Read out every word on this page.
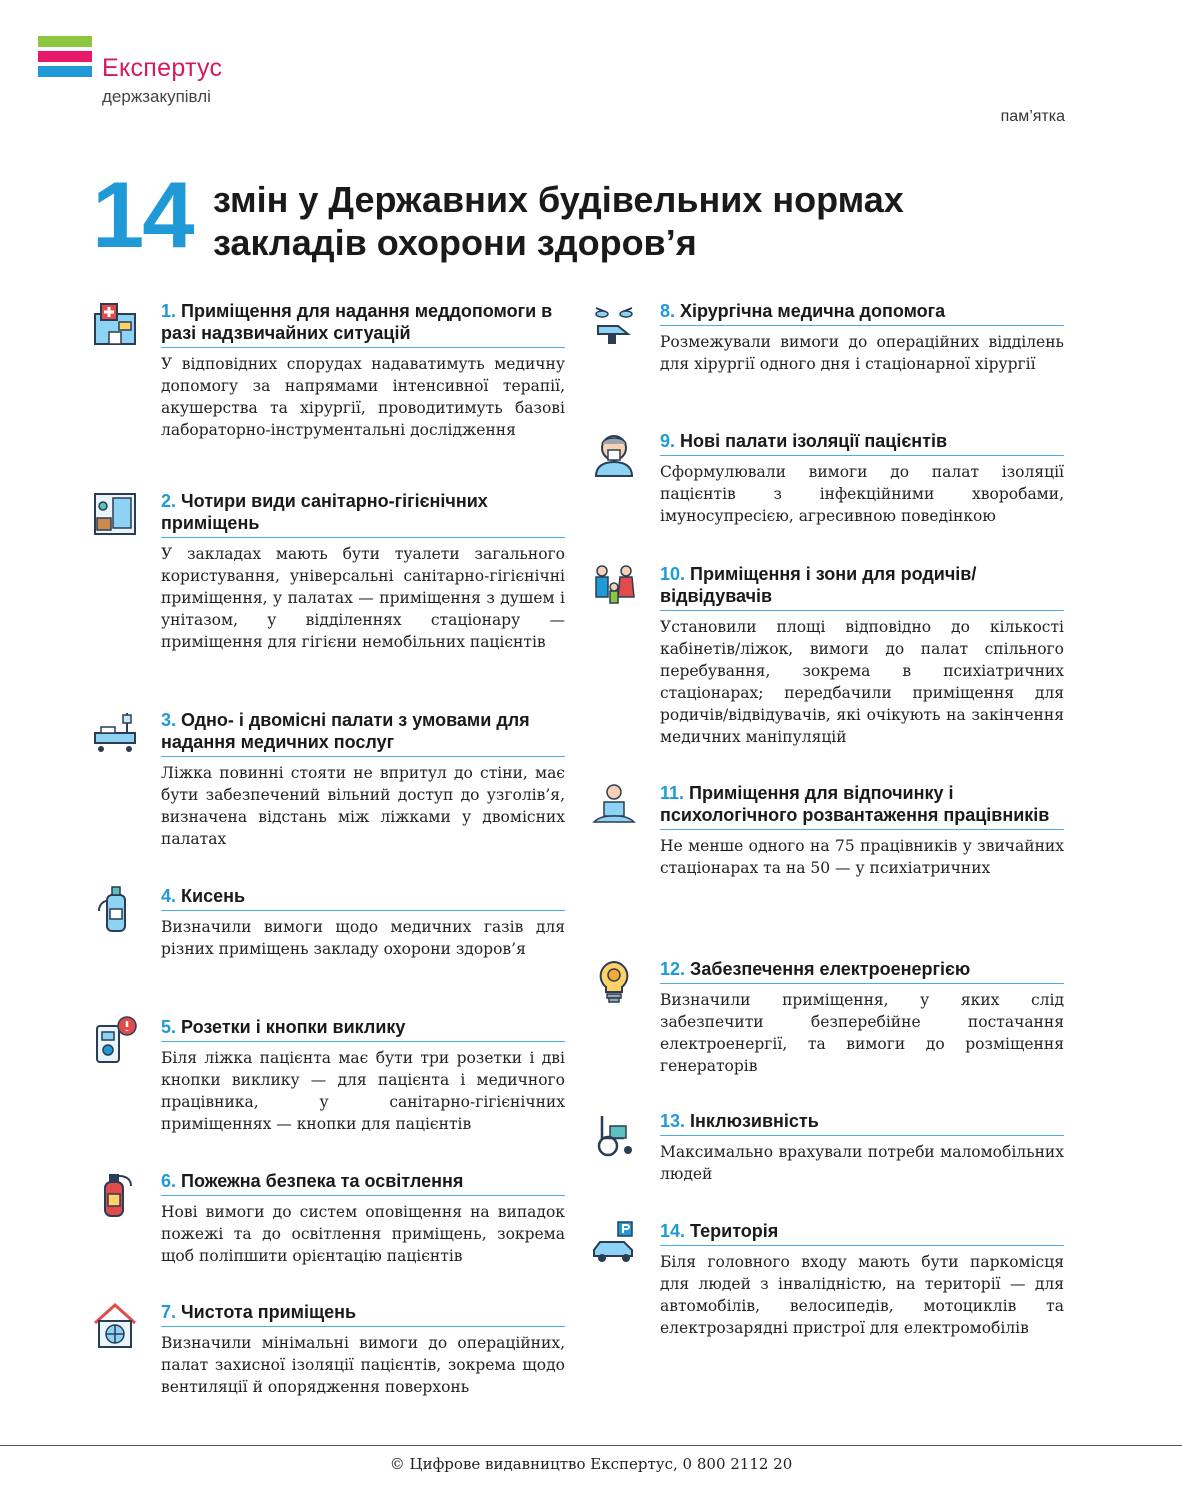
Експертус
держзакупівлі
пам’ятка
14 змін у Державних будівельних нормах
закладів охорони здоров’я
1. Приміщення для надання меддопомоги в разі надзвичайних ситуацій
У відповідних спорудах надаватимуть медичну допомогу за напрямами інтенсивної терапії, акушерства та хірургії, проводитимуть базові лабораторно-інструментальні дослідження
2. Чотири види санітарно-гігієнічних приміщень
У закладах мають бути туалети загального користування, універсальні санітарно-гігієнічні приміщення, у палатах — приміщення з душем і унітазом, у відділеннях стаціонару — приміщення для гігієни немобільних пацієнтів
3. Одно- і двомісні палати з умовами для надання медичних послуг
Ліжка повинні стояти не впритул до стіни, має бути забезпечений вільний доступ до узголів’я, визначена відстань між ліжками у двомісних палатах
4. Кисень
Визначили вимоги щодо медичних газів для різних приміщень закладу охорони здоров’я
5. Розетки і кнопки виклику
Біля ліжка пацієнта має бути три розетки і дві кнопки виклику — для пацієнта і медичного працівника, у санітарно-гігієнічних приміщеннях — кнопки для пацієнтів
6. Пожежна безпека та освітлення
Нові вимоги до систем оповіщення на випадок пожежі та до освітлення приміщень, зокрема щоб поліпшити орієнтацію пацієнтів
7. Чистота приміщень
Визначили мінімальні вимоги до операційних, палат захисної ізоляції пацієнтів, зокрема щодо вентиляції й опорядження поверхонь
8. Хірургічна медична допомога
Розмежували вимоги до операційних відділень для хірургії одного дня і стаціонарної хірургії
9. Нові палати ізоляції пацієнтів
Сформулювали вимоги до палат ізоляції пацієнтів з інфекційними хворобами, імуносупресією, агресивною поведінкою
10. Приміщення і зони для родичів/відвідувачів
Установили площі відповідно до кількості кабінетів/ліжок, вимоги до палат спільного перебування, зокрема в психіатричних стаціонарах; передбачили приміщення для родичів/відвідувачів, які очікують на закінчення медичних маніпуляцій
11. Приміщення для відпочинку і психологічного розвантаження працівників
Не менше одного на 75 працівників у звичайних стаціонарах та на 50 — у психіатричних
12. Забезпечення електроенергією
Визначили приміщення, у яких слід забезпечити безперебійне постачання електроенергії, та вимоги до розміщення генераторів
13. Інклюзивність
Максимально врахували потреби маломобільних людей
14. Територія
Біля головного входу мають бути паркомісця для людей з інвалідністю, на території — для автомобілів, велосипедів, мотоциклів та електрозарядні пристрої для електромобілів
© Цифрове видавництво Експертус, 0 800 2112 20
